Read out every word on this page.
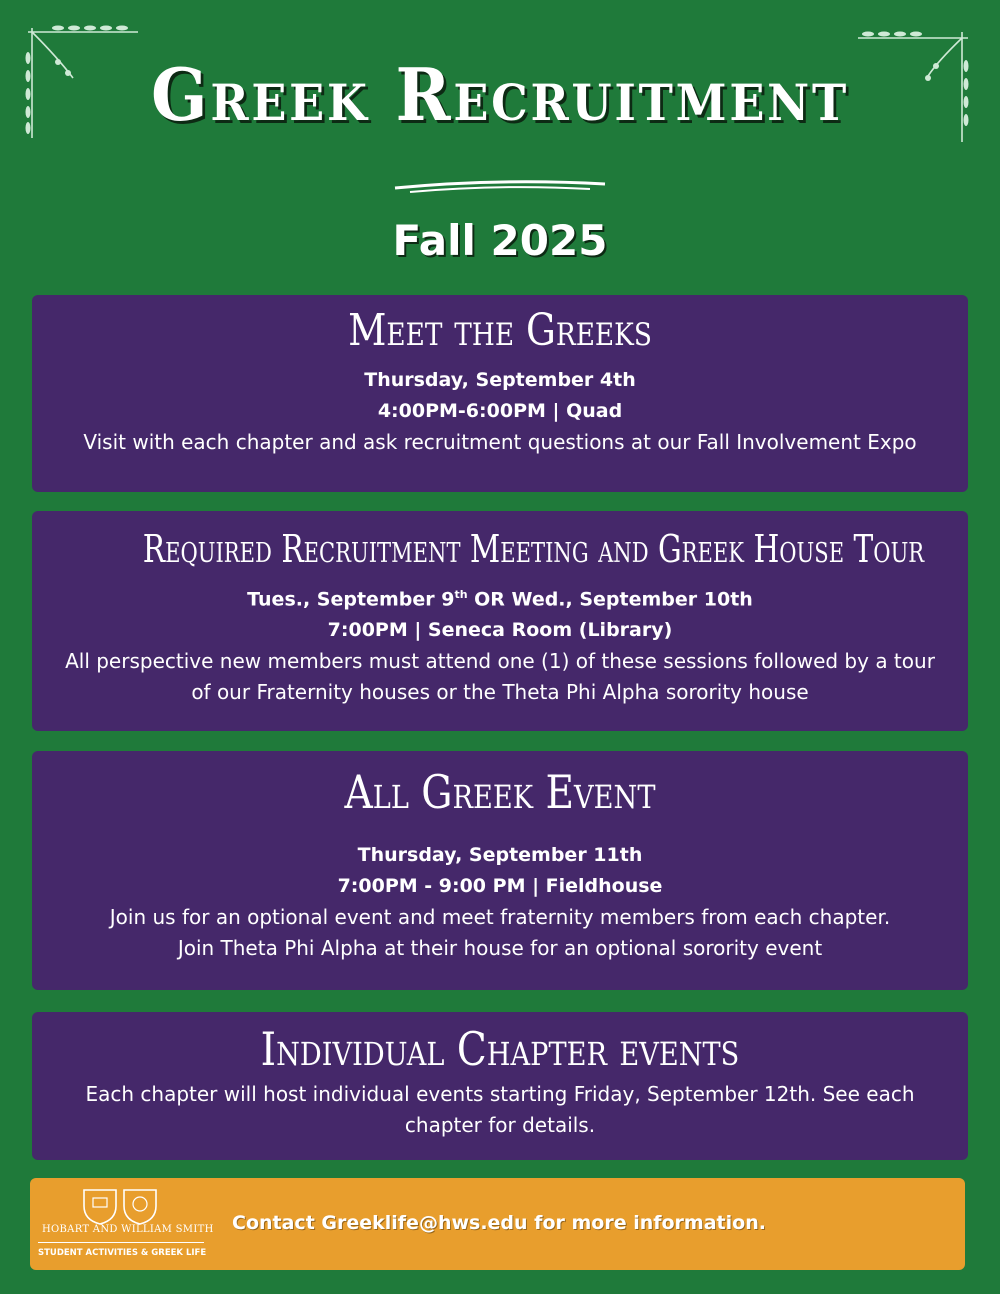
Greek Recruitment
Fall 2025
Meet the Greeks
Thursday, September 4th
4:00PM-6:00PM | Quad
Visit with each chapter and ask recruitment questions at our Fall Involvement Expo
Required Recruitment Meeting and Greek House Tour
Tues., September 9th OR Wed., September 10th
7:00PM | Seneca Room (Library)
All perspective new members must attend one (1) of these sessions followed by a tour
of our Fraternity houses or the Theta Phi Alpha sorority house
All Greek Event
Thursday, September 11th
7:00PM - 9:00 PM | Fieldhouse
Join us for an optional event and meet fraternity members from each chapter.
Join Theta Phi Alpha at their house for an optional sorority event
Individual Chapter events
Each chapter will host individual events starting Friday, September 12th. See each
chapter for details.
HOBART AND WILLIAM SMITH
STUDENT ACTIVITIES & GREEK LIFE
Contact Greeklife@hws.edu for more information.
